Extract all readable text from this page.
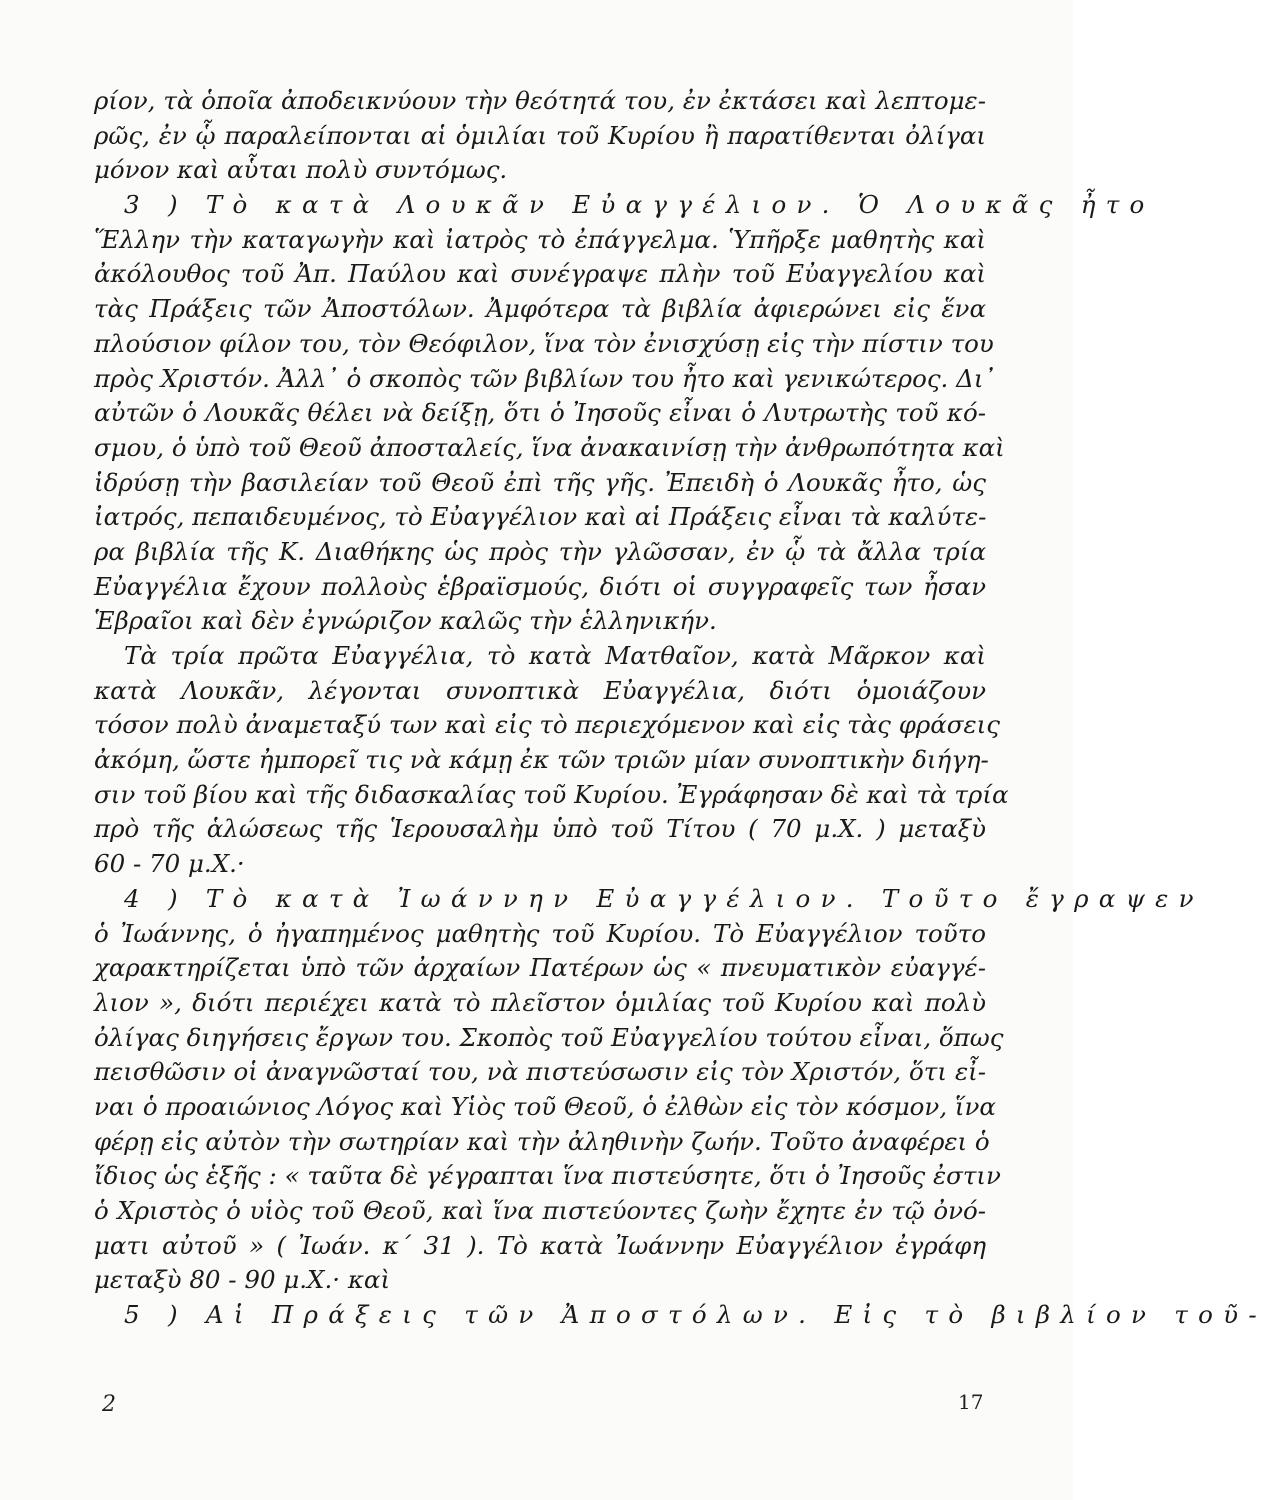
ρίον, τὰ ὁποῖα ἀποδεικνύουν τὴν θεότητά του, ἐν ἐκτάσει καὶ λεπτομε-
ρῶς, ἐν ᾧ παραλείπονται αἱ ὁμιλίαι τοῦ Κυρίου ἢ παρατίθενται ὀλίγαι
μόνον καὶ αὗται πολὺ συντόμως.
3 ) Τὸ κατὰ Λουκᾶν Εὐαγγέλιον. Ὁ Λουκᾶς ἦτο
Ἕλλην τὴν καταγωγὴν καὶ ἰατρὸς τὸ ἐπάγγελμα. Ὑπῆρξε μαθητὴς καὶ
ἀκόλουθος τοῦ Ἀπ. Παύλου καὶ συνέγραψε πλὴν τοῦ Εὐαγγελίου καὶ
τὰς Πράξεις τῶν Ἀποστόλων. Ἀμφότερα τὰ βιβλία ἀφιερώνει εἰς ἕνα
πλούσιον φίλον του, τὸν Θεόφιλον, ἵνα τὸν ἐνισχύσῃ εἰς τὴν πίστιν του
πρὸς Χριστόν. Ἀλλ᾿ ὁ σκοπὸς τῶν βιβλίων του ἦτο καὶ γενικώτερος. Δι᾿
αὐτῶν ὁ Λουκᾶς θέλει νὰ δείξῃ, ὅτι ὁ Ἰησοῦς εἶναι ὁ Λυτρωτὴς τοῦ κό-
σμου, ὁ ὑπὸ τοῦ Θεοῦ ἀποσταλείς, ἵνα ἀνακαινίσῃ τὴν ἀνθρωπότητα καὶ
ἱδρύσῃ τὴν βασιλείαν τοῦ Θεοῦ ἐπὶ τῆς γῆς. Ἐπειδὴ ὁ Λουκᾶς ἦτο, ὡς
ἰατρός, πεπαιδευμένος, τὸ Εὐαγγέλιον καὶ αἱ Πράξεις εἶναι τὰ καλύτε-
ρα βιβλία τῆς Κ. Διαθήκης ὡς πρὸς τὴν γλῶσσαν, ἐν ᾧ τὰ ἄλλα τρία
Εὐαγγέλια ἔχουν πολλοὺς ἑβραϊσμούς, διότι οἱ συγγραφεῖς των ἦσαν
Ἑβραῖοι καὶ δὲν ἐγνώριζον καλῶς τὴν ἑλληνικήν.
Τὰ τρία πρῶτα Εὐαγγέλια, τὸ κατὰ Ματθαῖον, κατὰ Μᾶρκον καὶ
κατὰ Λουκᾶν, λέγονται συνοπτικὰ Εὐαγγέλια, διότι ὁμοιάζουν
τόσον πολὺ ἀναμεταξύ των καὶ εἰς τὸ περιεχόμενον καὶ εἰς τὰς φράσεις
ἀκόμη, ὥστε ἠμπορεῖ τις νὰ κάμῃ ἐκ τῶν τριῶν μίαν συνοπτικὴν διήγη-
σιν τοῦ βίου καὶ τῆς διδασκαλίας τοῦ Κυρίου. Ἐγράφησαν δὲ καὶ τὰ τρία
πρὸ τῆς ἁλώσεως τῆς Ἱερουσαλὴμ ὑπὸ τοῦ Τίτου ( 70 μ.Χ. ) μεταξὺ
60 - 70 μ.Χ.·
4 ) Τὸ κατὰ Ἰωάννην Εὐαγγέλιον. Τοῦτο ἔγραψεν
ὁ Ἰωάννης, ὁ ἠγαπημένος μαθητὴς τοῦ Κυρίου. Τὸ Εὐαγγέλιον τοῦτο
χαρακτηρίζεται ὑπὸ τῶν ἀρχαίων Πατέρων ὡς « πνευματικὸν εὐαγγέ-
λιον », διότι περιέχει κατὰ τὸ πλεῖστον ὁμιλίας τοῦ Κυρίου καὶ πολὺ
ὀλίγας διηγήσεις ἔργων του. Σκοπὸς τοῦ Εὐαγγελίου τούτου εἶναι, ὅπως
πεισθῶσιν οἱ ἀναγνῶσταί του, νὰ πιστεύσωσιν εἰς τὸν Χριστόν, ὅτι εἶ-
ναι ὁ προαιώνιος Λόγος καὶ Υἱὸς τοῦ Θεοῦ, ὁ ἐλθὼν εἰς τὸν κόσμον, ἵνα
φέρῃ εἰς αὐτὸν τὴν σωτηρίαν καὶ τὴν ἀληθινὴν ζωήν. Τοῦτο ἀναφέρει ὁ
ἴδιος ὡς ἑξῆς : « ταῦτα δὲ γέγραπται ἵνα πιστεύσητε, ὅτι ὁ Ἰησοῦς ἐστιν
ὁ Χριστὸς ὁ υἱὸς τοῦ Θεοῦ, καὶ ἵνα πιστεύοντες ζωὴν ἔχητε ἐν τῷ ὀνό-
ματι αὐτοῦ » ( Ἰωάν. κ΄ 31 ). Τὸ κατὰ Ἰωάννην Εὐαγγέλιον ἐγράφη
μεταξὺ 80 - 90 μ.Χ.· καὶ
5 ) Αἱ Πράξεις τῶν Ἀποστόλων. Εἰς τὸ βιβλίον τοῦ-
2	17
